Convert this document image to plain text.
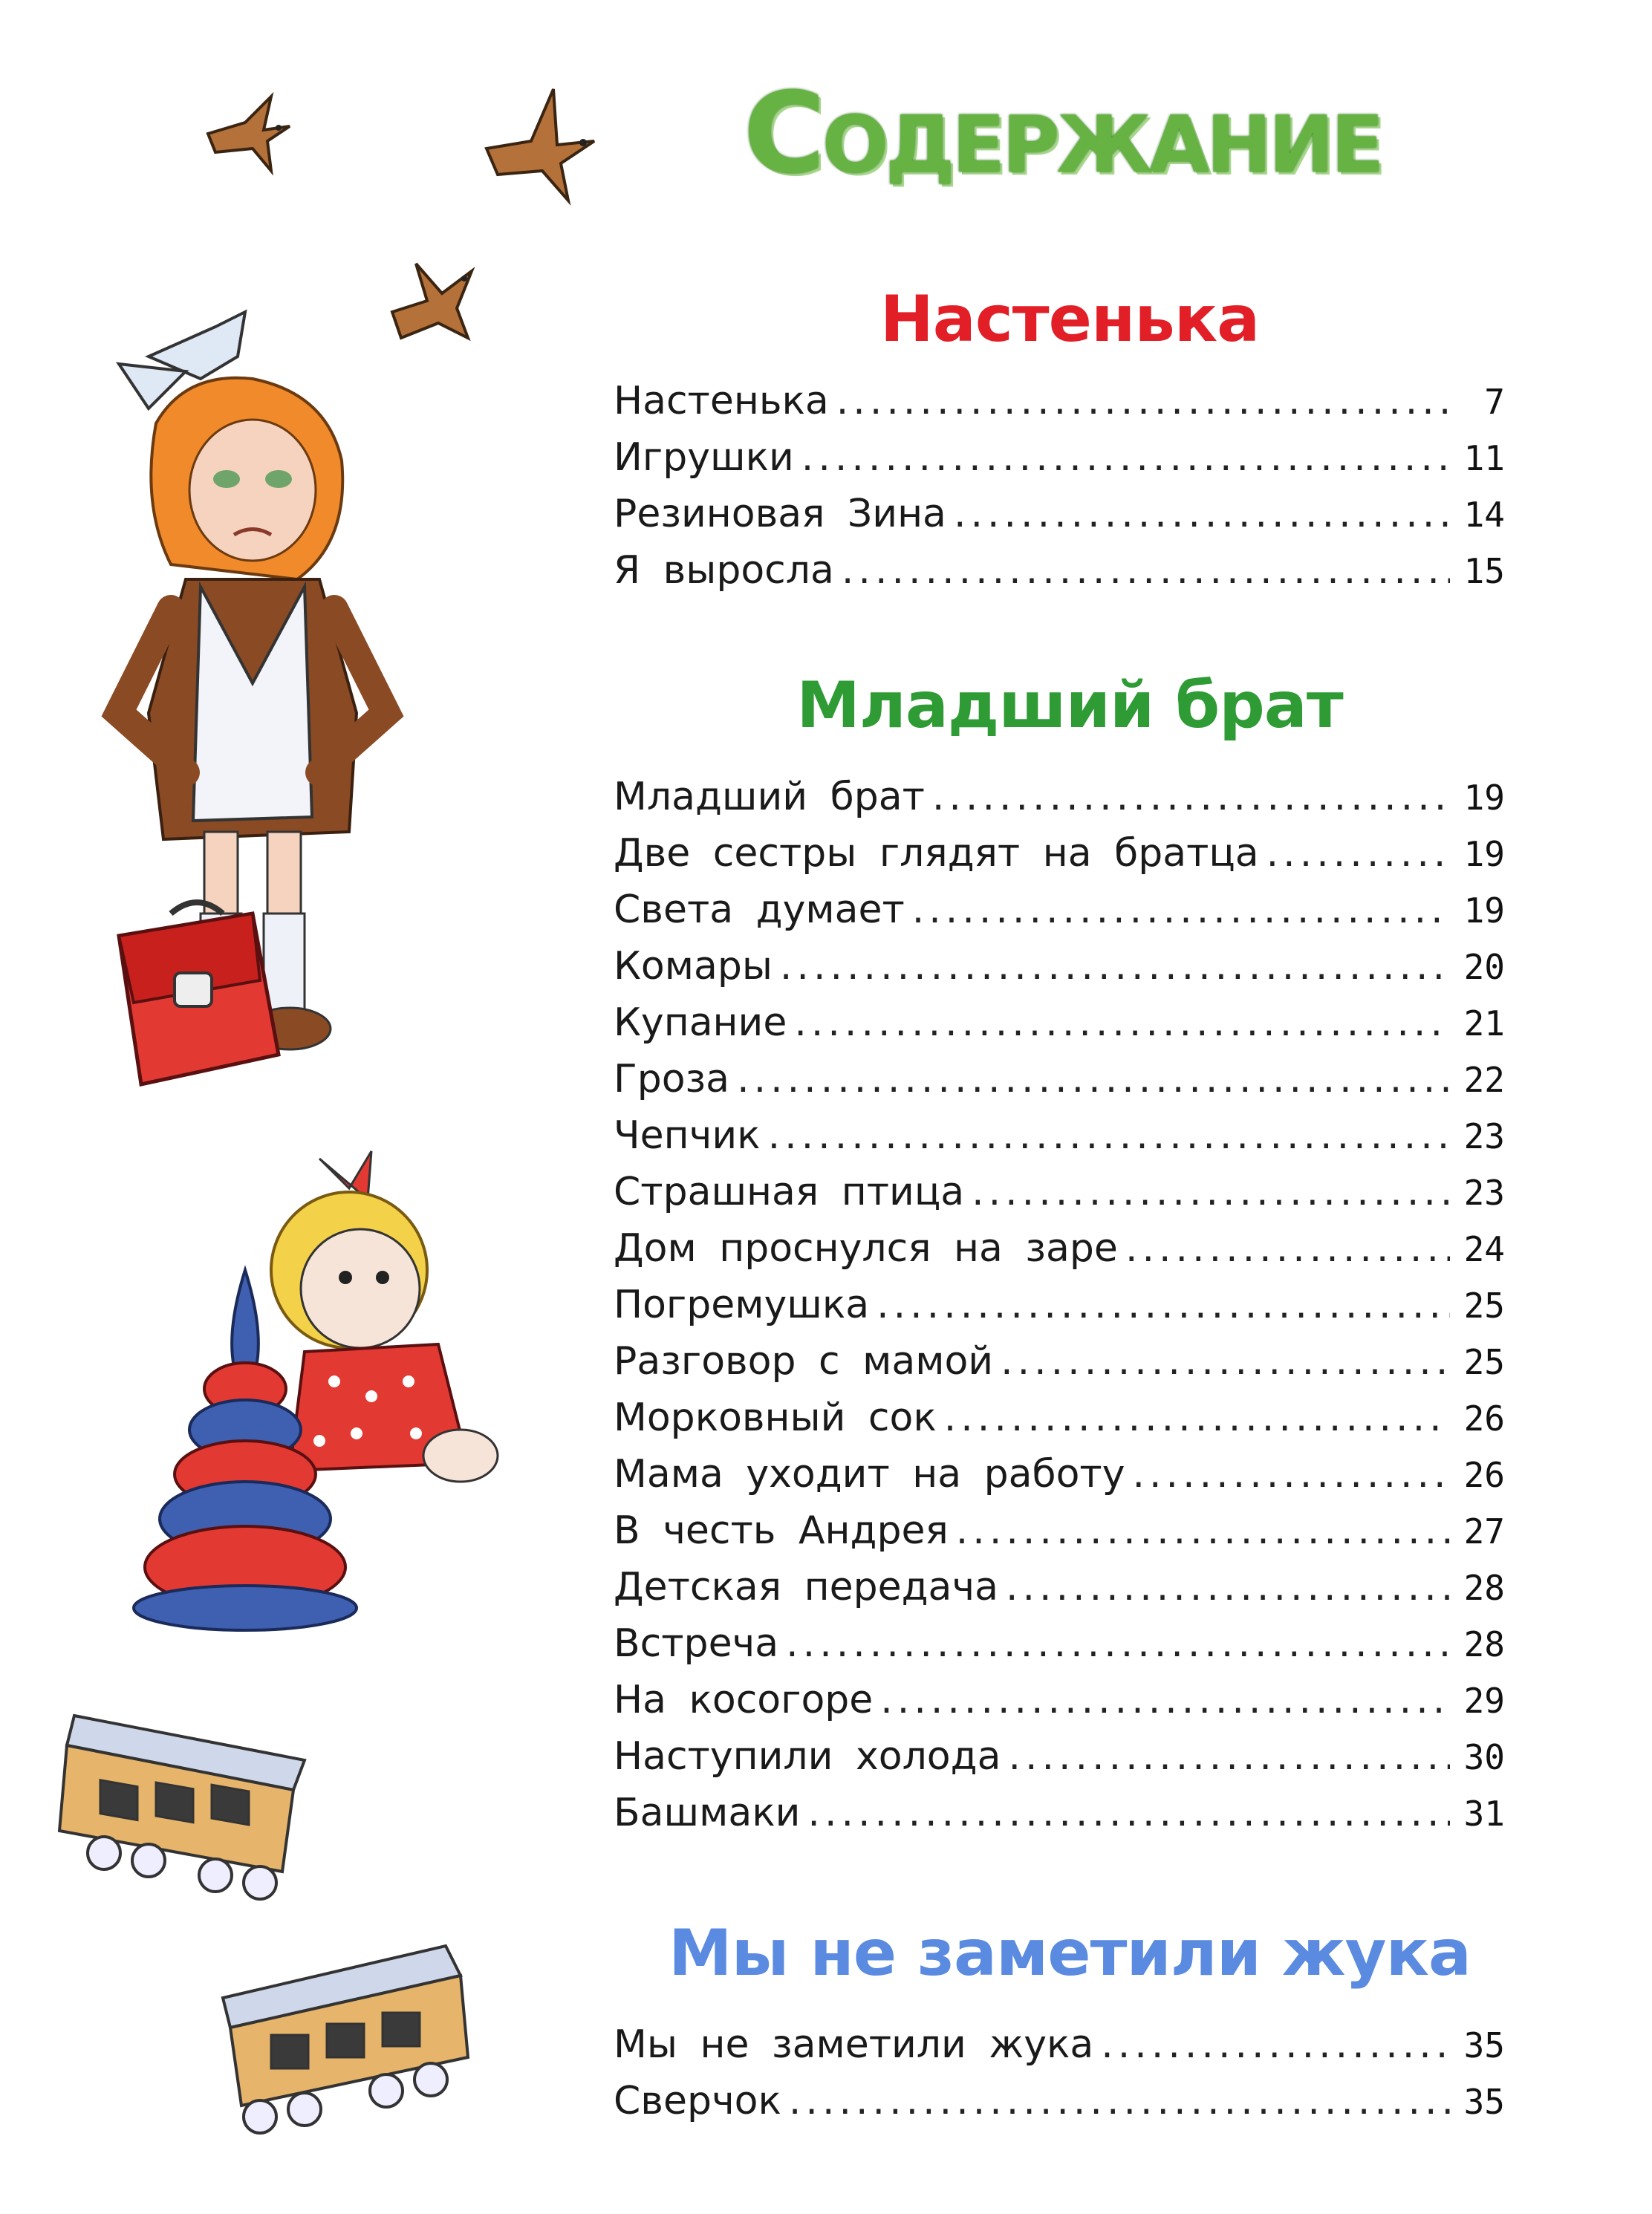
Содержание
Настенька
Настенька .....	7
Игрушки .....	11
Резиновая Зина .....	14
Я выросла .....	15
Младший брат
Младший брат .....	19
Две сестры глядят на братца .....	19
Света думает .....	19
Комары .....	20
Купание .....	21
Гроза .....	22
Чепчик .....	23
Страшная птица .....	23
Дом проснулся на заре .....	24
Погремушка .....	25
Разговор с мамой .....	25
Морковный сок .....	26
Мама уходит на работу .....	26
В честь Андрея .....	27
Детская передача .....	28
Встреча .....	28
На косогоре .....	29
Наступили холода .....	30
Башмаки .....	31
Мы не заметили жука
Мы не заметили жука .....	35
Сверчок .....	35
